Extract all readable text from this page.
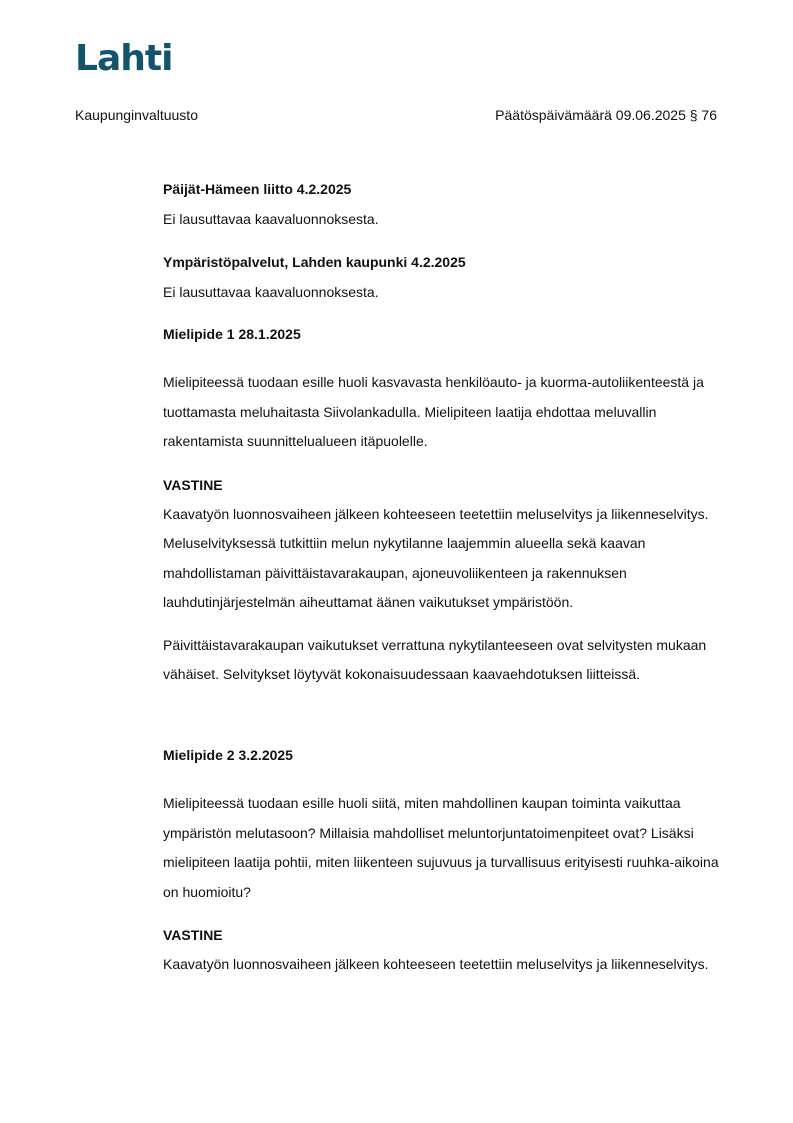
Lahti
Kaupunginvaltuusto	Päätöspäivämäärä 09.06.2025 § 76

Päijät-Hämeen liitto 4.2.2025

Ei lausuttavaa kaavaluonnoksesta.

Ympäristöpalvelut, Lahden kaupunki 4.2.2025

Ei lausuttavaa kaavaluonnoksesta.

Mielipide 1 28.1.2025

Mielipiteessä tuodaan esille huoli kasvavasta henkilöauto- ja kuorma-autoliikenteestä ja tuottamasta meluhaitasta Siivolankadulla. Mielipiteen laatija ehdottaa meluvallin rakentamista suunnittelualueen itäpuolelle.

VASTINE

Kaavatyön luonnosvaiheen jälkeen kohteeseen teetettiin meluselvitys ja liikenneselvitys. Meluselvityksessä tutkittiin melun nykytilanne laajemmin alueella sekä kaavan mahdollistaman päivittäistavarakaupan, ajoneuvoliikenteen ja rakennuksen lauhdutinjärjestelmän aiheuttamat äänen vaikutukset ympäristöön.

Päivittäistavarakaupan vaikutukset verrattuna nykytilanteeseen ovat selvitysten mukaan vähäiset. Selvitykset löytyvät kokonaisuudessaan kaavaehdotuksen liitteissä.

Mielipide 2 3.2.2025

Mielipiteessä tuodaan esille huoli siitä, miten mahdollinen kaupan toiminta vaikuttaa ympäristön melutasoon? Millaisia mahdolliset meluntorjuntatoimenpiteet ovat? Lisäksi mielipiteen laatija pohtii, miten liikenteen sujuvuus ja turvallisuus erityisesti ruuhka-aikoina on huomioitu?

VASTINE

Kaavatyön luonnosvaiheen jälkeen kohteeseen teetettiin meluselvitys ja liikenneselvitys.
